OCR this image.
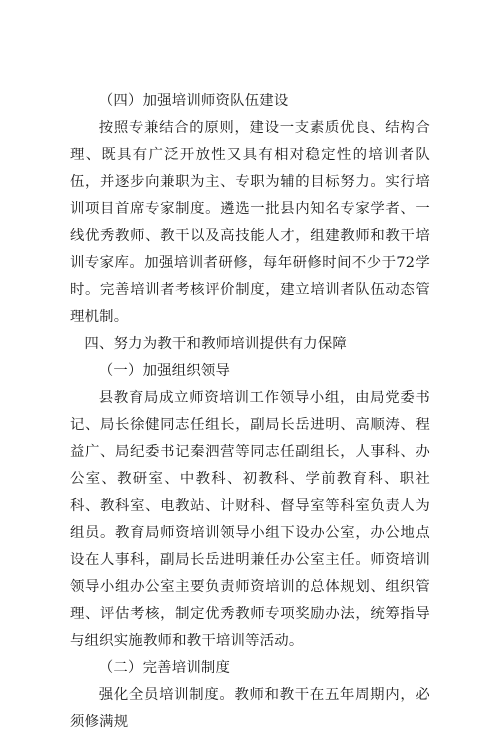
（四）加强培训师资队伍建设

按照专兼结合的原则，建设一支素质优良、结构合理、既具有广泛开放性又具有相对稳定性的培训者队伍，并逐步向兼职为主、专职为辅的目标努力。实行培训项目首席专家制度。遴选一批县内知名专家学者、一线优秀教师、教干以及高技能人才，组建教师和教干培训专家库。加强培训者研修，每年研修时间不少于72学时。完善培训者考核评价制度，建立培训者队伍动态管理机制。

四、努力为教干和教师培训提供有力保障

（一）加强组织领导

县教育局成立师资培训工作领导小组，由局党委书记、局长徐健同志任组长，副局长岳进明、高顺涛、程益广、局纪委书记秦泗营等同志任副组长，人事科、办公室、教研室、中教科、初教科、学前教育科、职社科、教科室、电教站、计财科、督导室等科室负责人为组员。教育局师资培训领导小组下设办公室，办公地点设在人事科，副局长岳进明兼任办公室主任。师资培训领导小组办公室主要负责师资培训的总体规划、组织管理、评估考核，制定优秀教师专项奖励办法，统筹指导与组织实施教师和教干培训等活动。

（二）完善培训制度

强化全员培训制度。教师和教干在五年周期内，必须修满规
